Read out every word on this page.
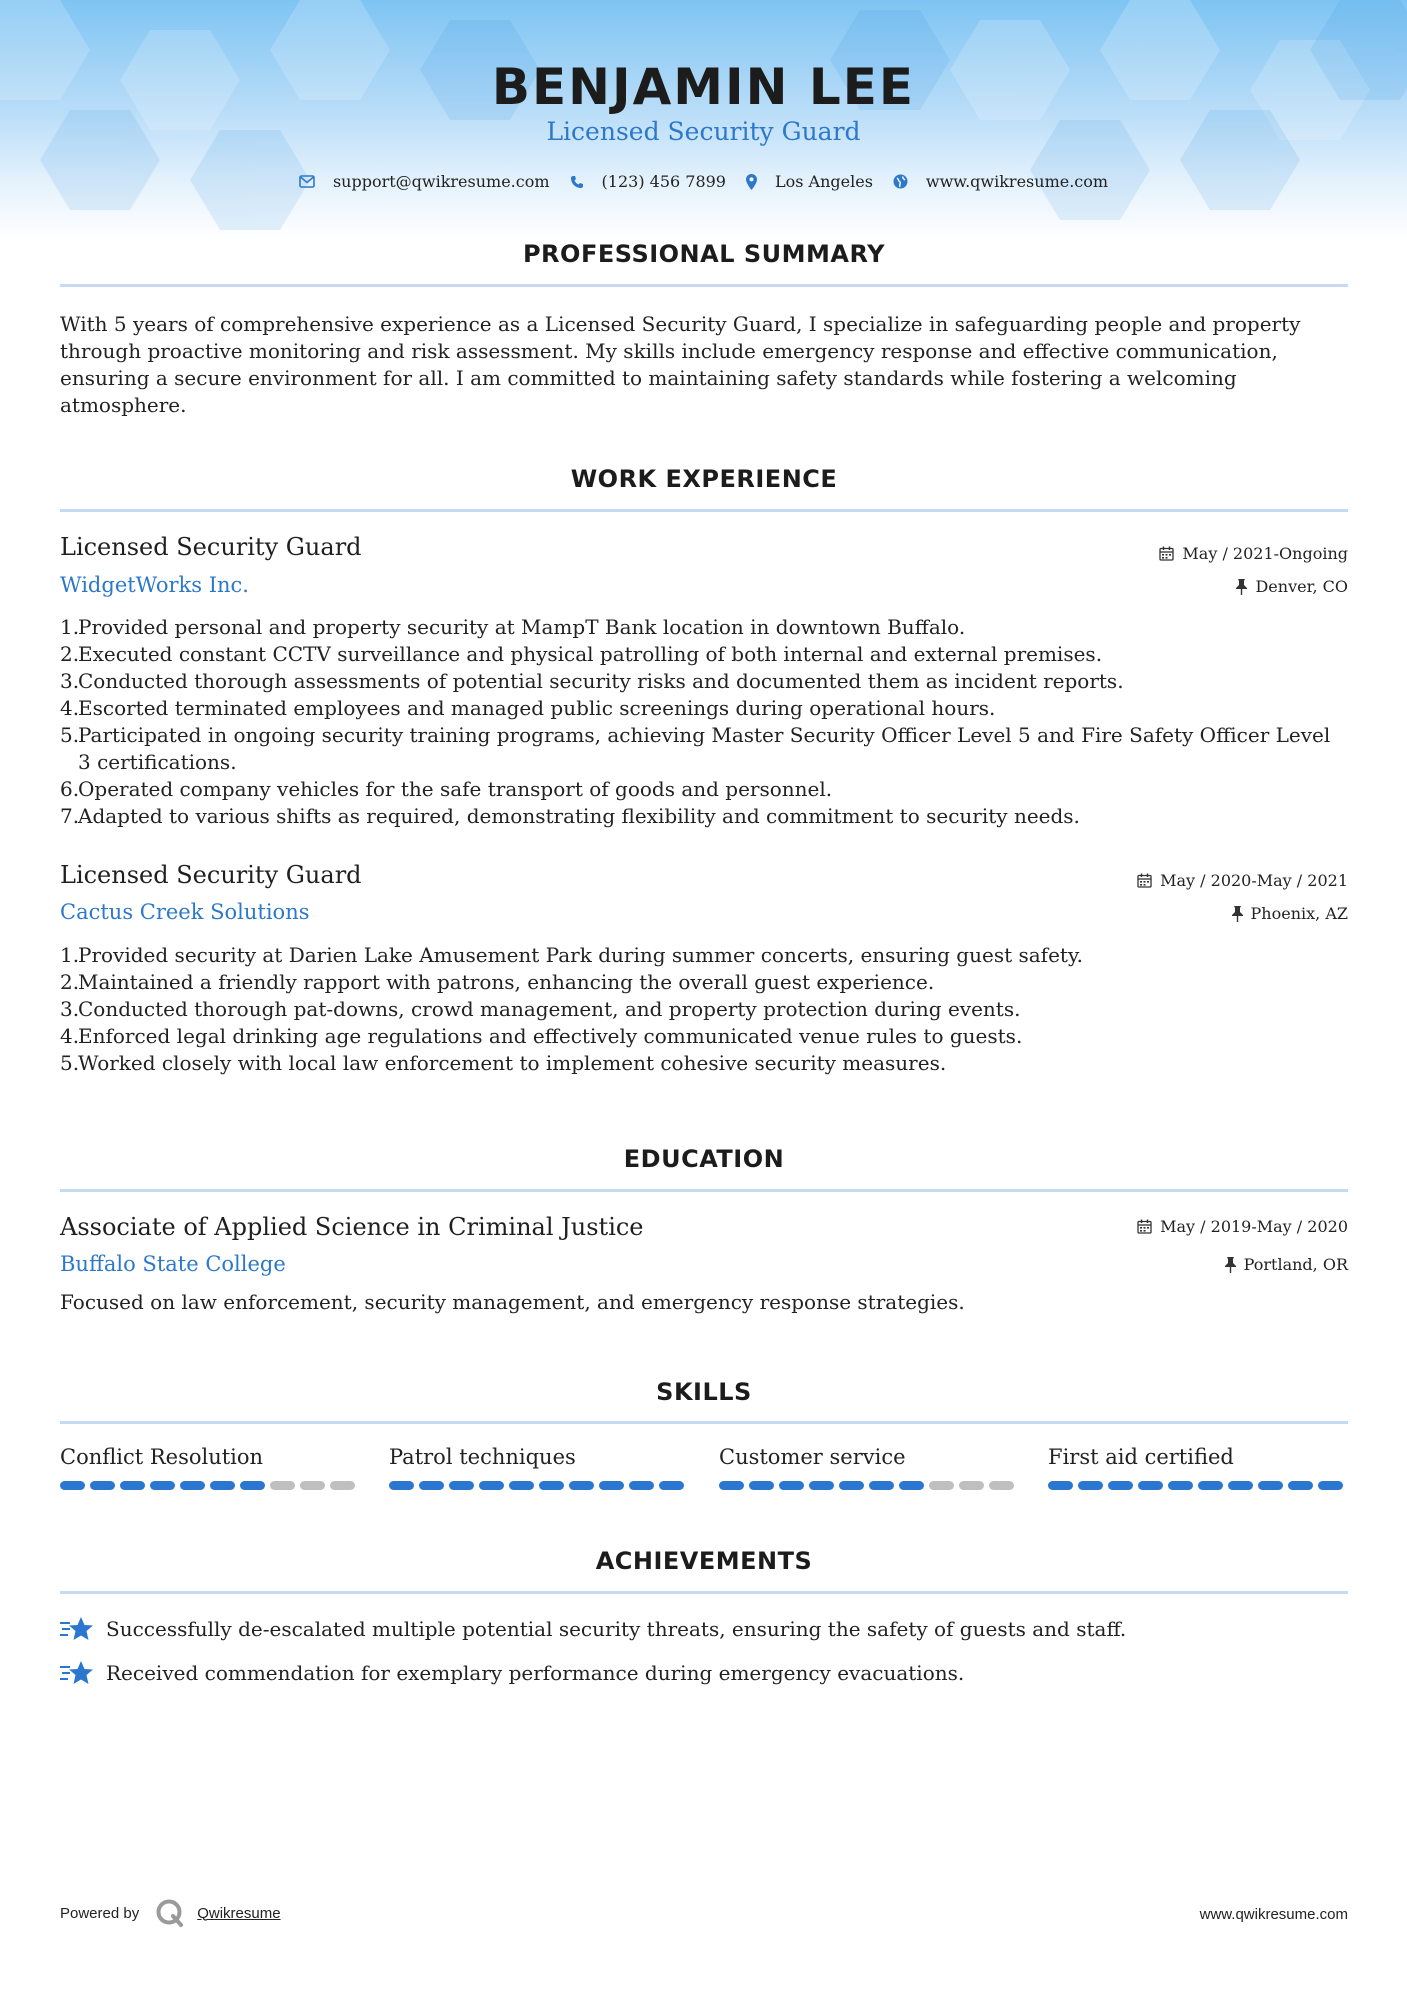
BENJAMIN LEE
Licensed Security Guard
support@qwikresume.com	(123) 456 7899	Los Angeles	www.qwikresume.com
PROFESSIONAL SUMMARY
With 5 years of comprehensive experience as a Licensed Security Guard, I specialize in safeguarding people and property through proactive monitoring and risk assessment. My skills include emergency response and effective communication, ensuring a secure environment for all. I am committed to maintaining safety standards while fostering a welcoming atmosphere.
WORK EXPERIENCE
Licensed Security Guard	May / 2021-Ongoing
WidgetWorks Inc.	Denver, CO
Provided personal and property security at MampT Bank location in downtown Buffalo.
Executed constant CCTV surveillance and physical patrolling of both internal and external premises.
Conducted thorough assessments of potential security risks and documented them as incident reports.
Escorted terminated employees and managed public screenings during operational hours.
Participated in ongoing security training programs, achieving Master Security Officer Level 5 and Fire Safety Officer Level 3 certifications.
Operated company vehicles for the safe transport of goods and personnel.
Adapted to various shifts as required, demonstrating flexibility and commitment to security needs.
Licensed Security Guard	May / 2020-May / 2021
Cactus Creek Solutions	Phoenix, AZ
Provided security at Darien Lake Amusement Park during summer concerts, ensuring guest safety.
Maintained a friendly rapport with patrons, enhancing the overall guest experience.
Conducted thorough pat-downs, crowd management, and property protection during events.
Enforced legal drinking age regulations and effectively communicated venue rules to guests.
Worked closely with local law enforcement to implement cohesive security measures.
EDUCATION
Associate of Applied Science in Criminal Justice	May / 2019-May / 2020
Buffalo State College	Portland, OR
Focused on law enforcement, security management, and emergency response strategies.
SKILLS
Conflict Resolution	Patrol techniques	Customer service	First aid certified
ACHIEVEMENTS
Successfully de-escalated multiple potential security threats, ensuring the safety of guests and staff.
Received commendation for exemplary performance during emergency evacuations.
Powered by	Qwikresume	www.qwikresume.com
